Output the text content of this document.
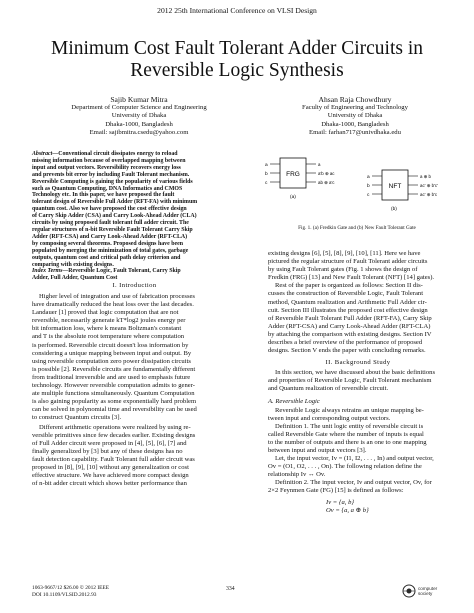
2012 25th International Conference on VLSI Design
Minimum Cost Fault Tolerant Adder Circuits in
Reversible Logic Synthesis
Sajib Kumar Mitra
Department of Computer Science and Engineering
University of Dhaka
Dhaka-1000, Bangladesh
Email: sajibmitra.csedu@yahoo.com
Ahsan Raja Chowdhury
Faculty of Engineering and Technology
University of Dhaka
Dhaka-1000, Bangladesh
Email: farhan717@univdhaka.edu
Abstract—Conventional circuit dissipates energy to reload
missing information because of overlapped mapping between
input and output vectors. Reversibility recovers energy loss
and prevents bit error by including Fault Tolerant mechanism.
Reversible Computing is gaining the popularity of various fields
such as Quantum Computing, DNA Informatics and CMOS
Technology etc. In this paper, we have proposed the fault
tolerant design of Reversible Full Adder (RFT-FA) with minimum
quantum cost. Also we have proposed the cost effective design
of Carry Skip Adder (CSA) and Carry Look-Ahead Adder (CLA)
circuits by using proposed fault tolerant full adder circuit. The
regular structures of n-bit Reversible Fault Tolerant Carry Skip
Adder (RFT-CSA) and Carry Look-Ahead Adder (RFT-CLA)
by composing several theorems. Proposed designs have been
populated by merging the minimization of total gates, garbage
outputs, quantum cost and critical path delay criterion and
comparing with existing designs.
Index Terms—Reversible Logic, Fault Tolerant, Carry Skip
Adder, Full Adder, Quantum Cost
I. Introduction

Higher level of integration and use of fabrication processes

have dramatically reduced the heat loss over the last decades.

Landauer [1] proved that logic computation that are not

reversible, necessarily generate kT*log2 joules energy per

bit information loss, where k means Boltzman's constant

and T is the absolute root temperature where computation

is performed. Reversible circuit doesn't loss information by

considering a unique mapping between input and output. By

using reversible computation zero power dissipation circuits

is possible [2]. Reversible circuits are fundamentally different

from traditional irreversible and are used to emphasis future

technology. However reversible computation admits to gener-

ate multiple functions simultaneously. Quantum Computation

is also gaining popularity as some exponentially hard problem

can be solved in polynomial time and reversibility can be used

to construct Quantum circuits [3].

Different arithmetic operations were realized by using re-

versible primitives since few decades earlier. Existing designs

of Full Adder circuit were proposed in [4], [5], [6], [7] and

finally generalized by [3] but any of these designs has no

fault detection capability. Fault Tolerant full adder circuit was

proposed in [8], [9], [10] without any generalization or cost

effective structure. We have achieved more compact design

of n-bit adder circuit which shows better performance than

FRG
a
b
c
a
a'b ⊕ ac
ab ⊕ a'c
(a)
NFT
a
b
c
a ⊕ b
ac' ⊕ b'c'
ac' ⊕ b'c
(b)
Fig. 1. (a) Fredkin Gate and (b) New Fault Tolerant Gate

existing designs [6], [5], [8], [9], [10], [11]. Here we have

pictured the regular structure of Fault Tolerant adder circuits

by using Fault Tolerant gates (Fig. 1 shows the design of

Fredkin (FRG) [13] and New Fault Tolerant (NFT) [14] gates).

Rest of the paper is organized as follows: Section II dis-

cusses the construction of Reversible Logic, Fault Tolerant

method, Quantum realization and Arithmetic Full Adder cir-

cuit. Section III illustrates the proposed cost effective design

of Reversible Fault Tolerant Full Adder (RFT-FA), Carry Skip

Adder (RFT-CSA) and Carry Look-Ahead Adder (RFT-CLA)

by attaching the comparison with existing designs. Section IV

describes a brief overview of the performance of proposed

designs. Section V ends the paper with concluding remarks.

II. Background Study

In this section, we have discussed about the basic definitions

and properties of Reversible Logic, Fault Tolerant mechanism

and Quantum realization of reversible circuit.

A. Reversible Logic

Reversible Logic always retrains an unique mapping be-

tween input and corresponding output vectors.

Definition 1. The unit logic entity of reversible circuit is

called Reversible Gate where the number of inputs is equal

to the number of outputs and there is an one to one mapping

between input and output vectors [3].

Let, the input vector, Iv = (I1, I2, . . . , In) and output vector,

Ov = (O1, O2, . . . , On). The following relation define the

relationship Iv ↔ Ov.

Definition 2. The input vector, Iv and output vector, Ov, for

2×2 Feynmen Gate (FG) [15] is defined as follows:

Iv = {a, b}
Ov = {a, a ⊕ b}
1063-9667/12 $26.00 © 2012 IEEE
DOI 10.1109/VLSID.2012.93
334	computer
society
